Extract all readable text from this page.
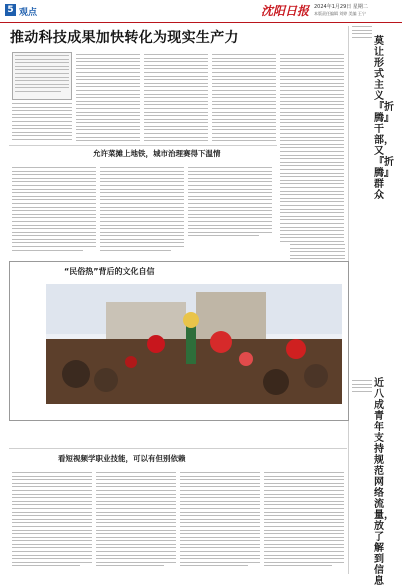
5 观点	沈阳日报 2024年1月29日 星期二
本版责任编辑 刘婷 美编 王宁
推动科技成果加快转化为现实生产力
允许菜摊上地铁，城市治理赛得下温情
莫让形式主义『折腾』干部，又『折腾』群众
“民俗热”背后的文化自信
看短视频学职业技能，可以有但别依赖
近八成青年支持规范网络流量，放了解到信息
